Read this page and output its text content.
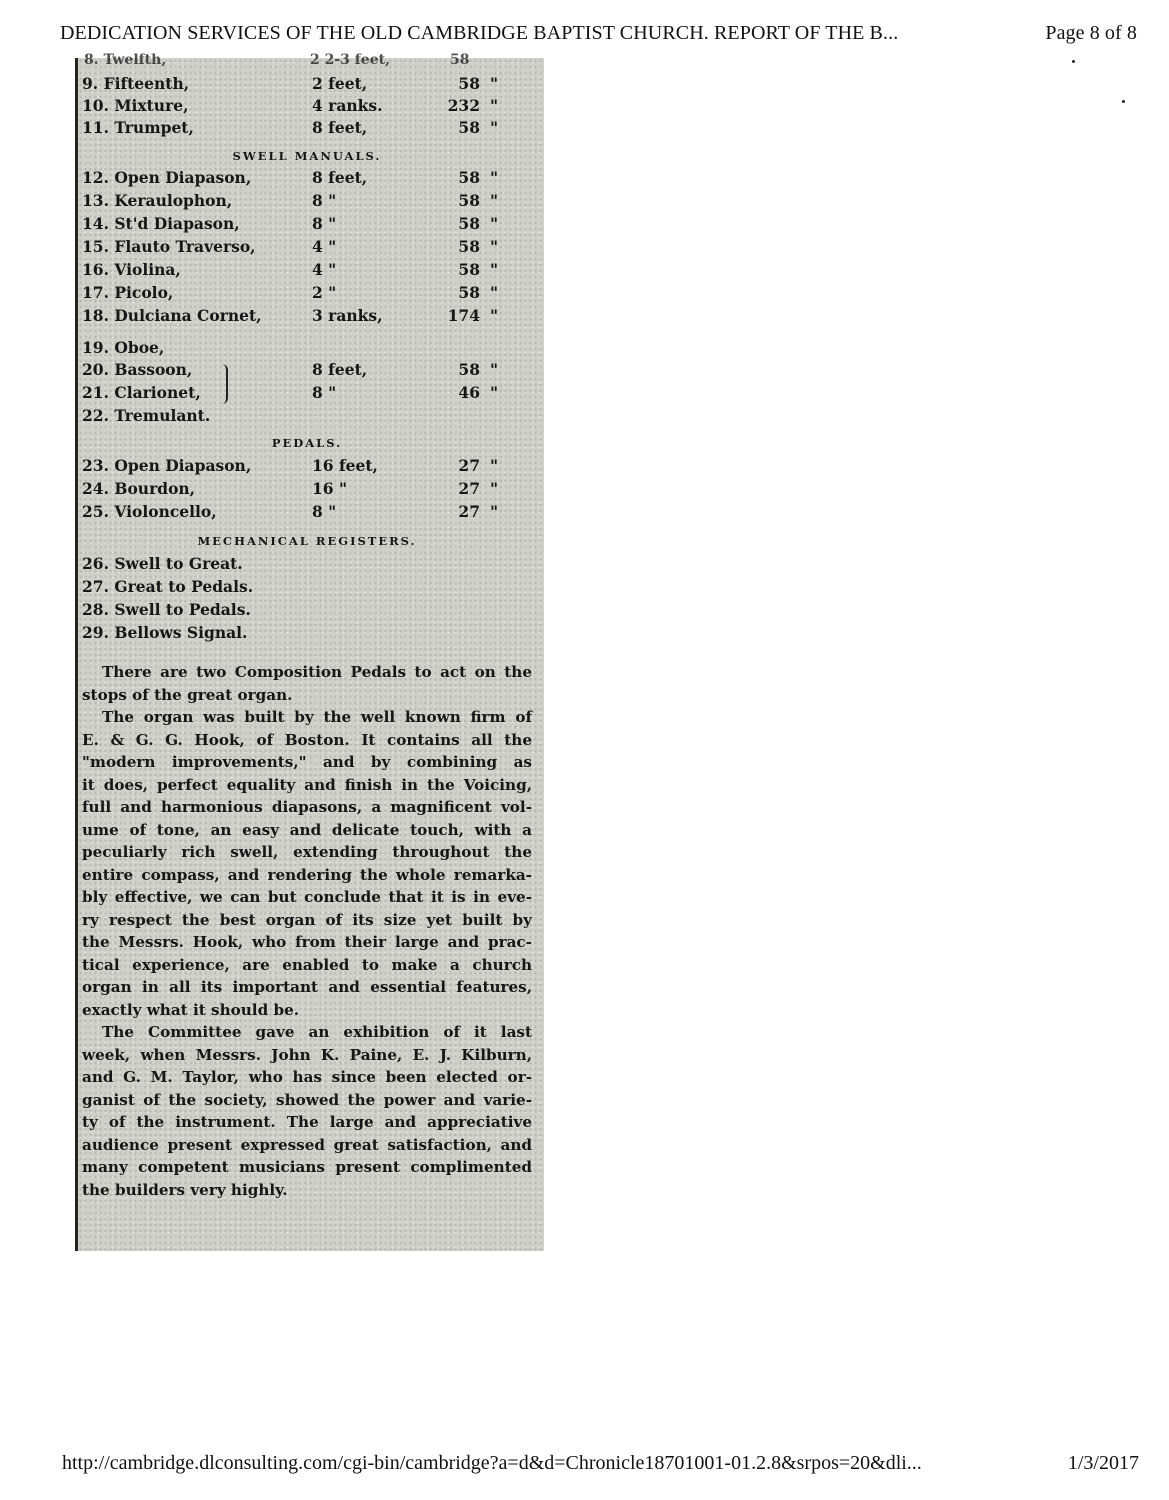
DEDICATION SERVICES OF THE OLD CAMBRIDGE BAPTIST CHURCH. REPORT OF THE B...	Page 8 of 8
8. Twelfth,	2 2-3 feet,	58
9. Fifteenth,	2 feet,	58 "
10. Mixture,	4 ranks.	232 "
11. Trumpet,	8 feet,	58 "
SWELL MANUALS.
12. Open Diapason,	8 feet,	58 "
13. Keraulophon,	8 "	58 "
14. St'd Diapason,	8 "	58 "
15. Flauto Traverso,	4 "	58 "
16. Violina,	4 "	58 "
17. Picolo,	2 "	58 "
18. Dulciana Cornet,	3 ranks,	174 "
19. Oboe,
20. Bassoon,	8 feet,	58 "
21. Clarionet,	8 "	46 "
22. Tremulant.
PEDALS.
23. Open Diapason,	16 feet,	27 "
24. Bourdon,	16 "	27 "
25. Violoncello,	8 "	27 "
MECHANICAL REGISTERS.
26. Swell to Great.
27. Great to Pedals.
28. Swell to Pedals.
29. Bellows Signal.
There are two Composition Pedals to act on the
stops of the great organ.
The organ was built by the well known firm of
E. & G. G. Hook, of Boston. It contains all the
"modern improvements," and by combining as
it does, perfect equality and finish in the Voicing,
full and harmonious diapasons, a magnificent vol-
ume of tone, an easy and delicate touch, with a
peculiarly rich swell, extending throughout the
entire compass, and rendering the whole remarka-
bly effective, we can but conclude that it is in eve-
ry respect the best organ of its size yet built by
the Messrs. Hook, who from their large and prac-
tical experience, are enabled to make a church
organ in all its important and essential features,
exactly what it should be.
The Committee gave an exhibition of it last
week, when Messrs. John K. Paine, E. J. Kilburn,
and G. M. Taylor, who has since been elected or-
ganist of the society, showed the power and varie-
ty of the instrument. The large and appreciative
audience present expressed great satisfaction, and
many competent musicians present complimented
the builders very highly.
http://cambridge.dlconsulting.com/cgi-bin/cambridge?a=d&d=Chronicle18701001-01.2.8&srpos=20&dli...	1/3/2017
